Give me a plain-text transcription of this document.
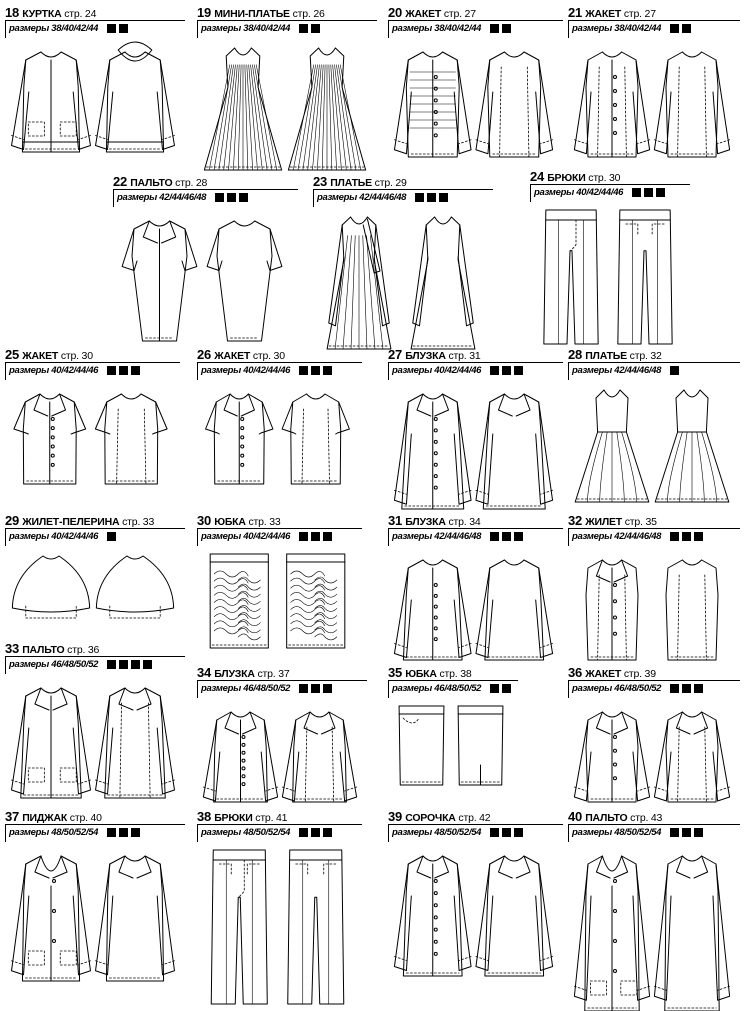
18 КУРТКА стр. 24
размеры 38/40/42/44
19 МИНИ-ПЛАТЬЕ стр. 26
размеры 38/40/42/44
20 ЖАКЕТ стр. 27
размеры 38/40/42/44
21 ЖАКЕТ стр. 27
размеры 38/40/42/44
22 ПАЛЬТО стр. 28
размеры 42/44/46/48
23 ПЛАТЬЕ стр. 29
размеры 42/44/46/48
24 БРЮКИ стр. 30
размеры 40/42/44/46
25 ЖАКЕТ стр. 30
размеры 40/42/44/46
26 ЖАКЕТ стр. 30
размеры 40/42/44/46
27 БЛУЗКА стр. 31
размеры 40/42/44/46
28 ПЛАТЬЕ стр. 32
размеры 42/44/46/48
29 ЖИЛЕТ-ПЕЛЕРИНА стр. 33
размеры 40/42/44/46
30 ЮБКА стр. 33
размеры 40/42/44/46
31 БЛУЗКА стр. 34
размеры 42/44/46/48
32 ЖИЛЕТ стр. 35
размеры 42/44/46/48
33 ПАЛЬТО стр. 36
размеры 46/48/50/52
34 БЛУЗКА стр. 37
размеры 46/48/50/52
35 ЮБКА стр. 38
размеры 46/48/50/52
36 ЖАКЕТ стр. 39
размеры 46/48/50/52
37 ПИДЖАК стр. 40
размеры 48/50/52/54
38 БРЮКИ стр. 41
размеры 48/50/52/54
39 СОРОЧКА стр. 42
размеры 48/50/52/54
40 ПАЛЬТО стр. 43
размеры 48/50/52/54
